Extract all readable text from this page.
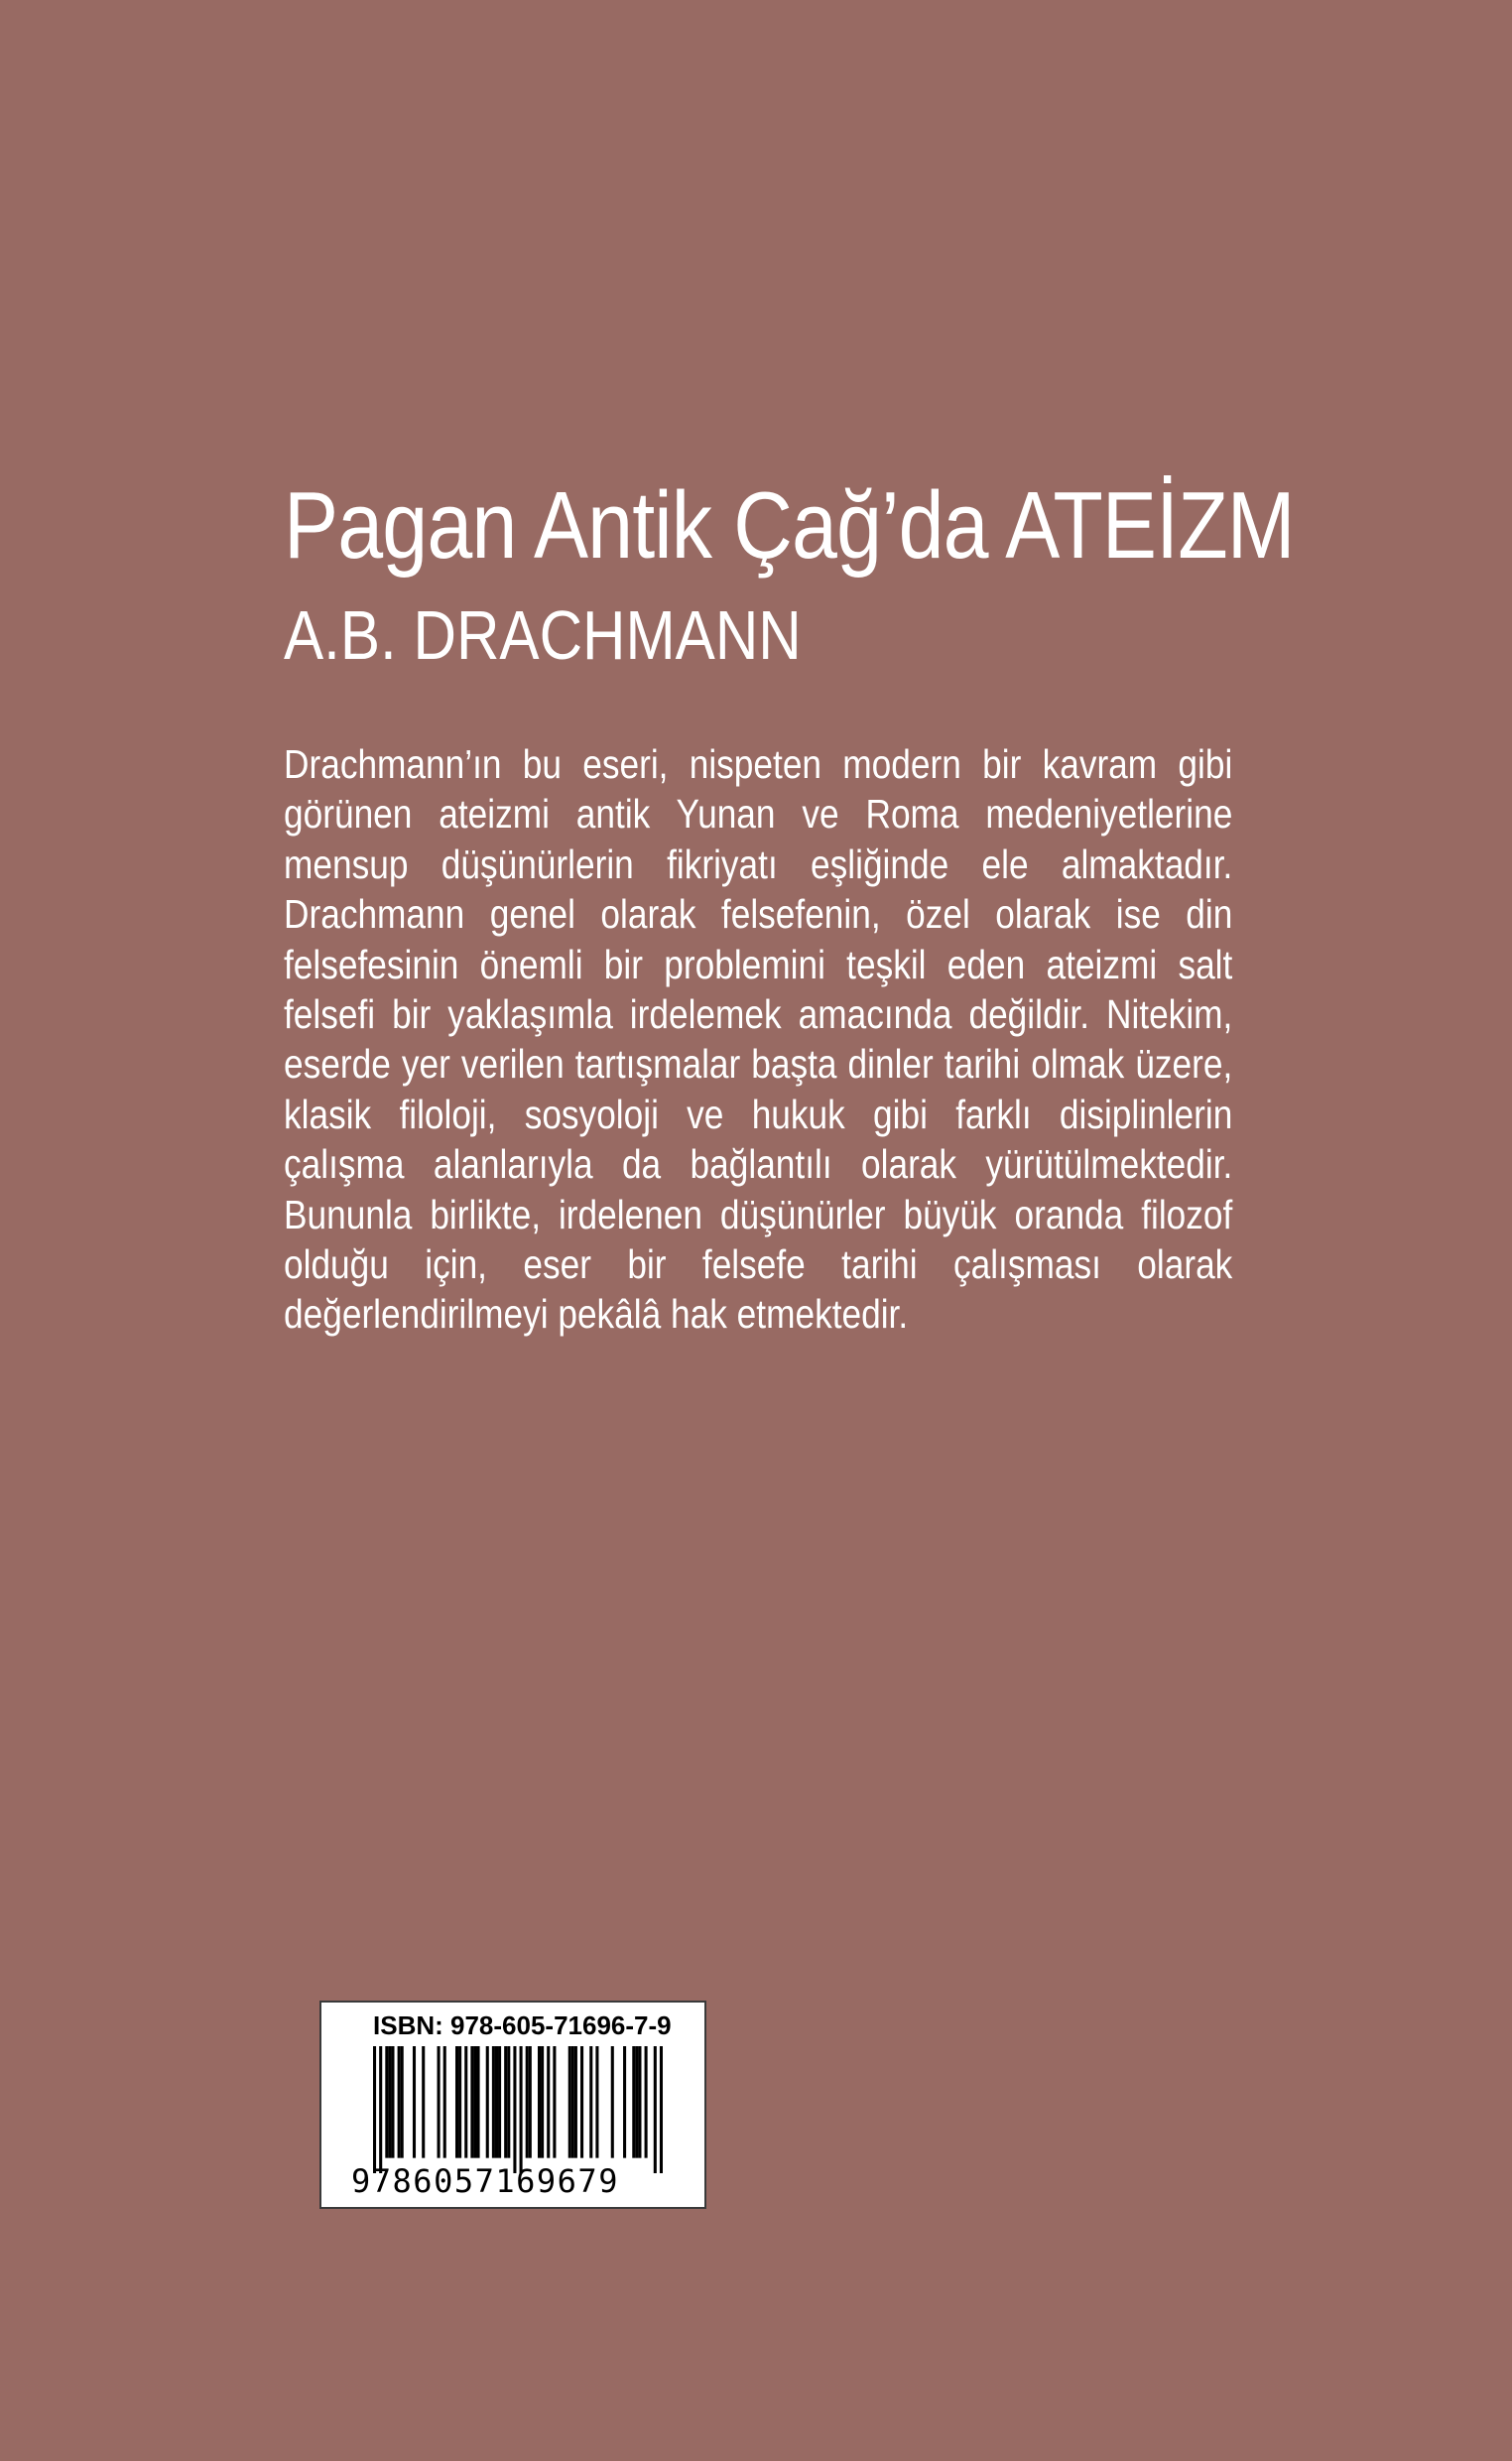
Pagan Antik Çağ’da ATEİZM
A.B. DRACHMANN

Drachmann’ın bu eseri, nispeten modern bir kavram gibi görünen ateizmi antik Yunan ve Roma medeniyetlerine mensup düşünürlerin fikriyatı eşliğinde ele almaktadır. Drachmann genel olarak felsefenin, özel olarak ise din felsefesinin önemli bir problemini teşkil eden ateizmi salt felsefi bir yaklaşımla irdelemek amacında değildir. Nitekim, eserde yer verilen tartışmalar başta dinler tarihi olmak üzere, klasik filoloji, sosyoloji ve hukuk gibi farklı disiplinlerin çalışma alanlarıyla da bağlantılı olarak yürütülmektedir. Bununla birlikte, irdelenen düşünürler büyük oranda filozof olduğu için, eser bir felsefe tarihi çalışması olarak değerlendirilmeyi pekâlâ hak etmektedir.

ISBN: 978-605-71696-7-9
9786057169679
